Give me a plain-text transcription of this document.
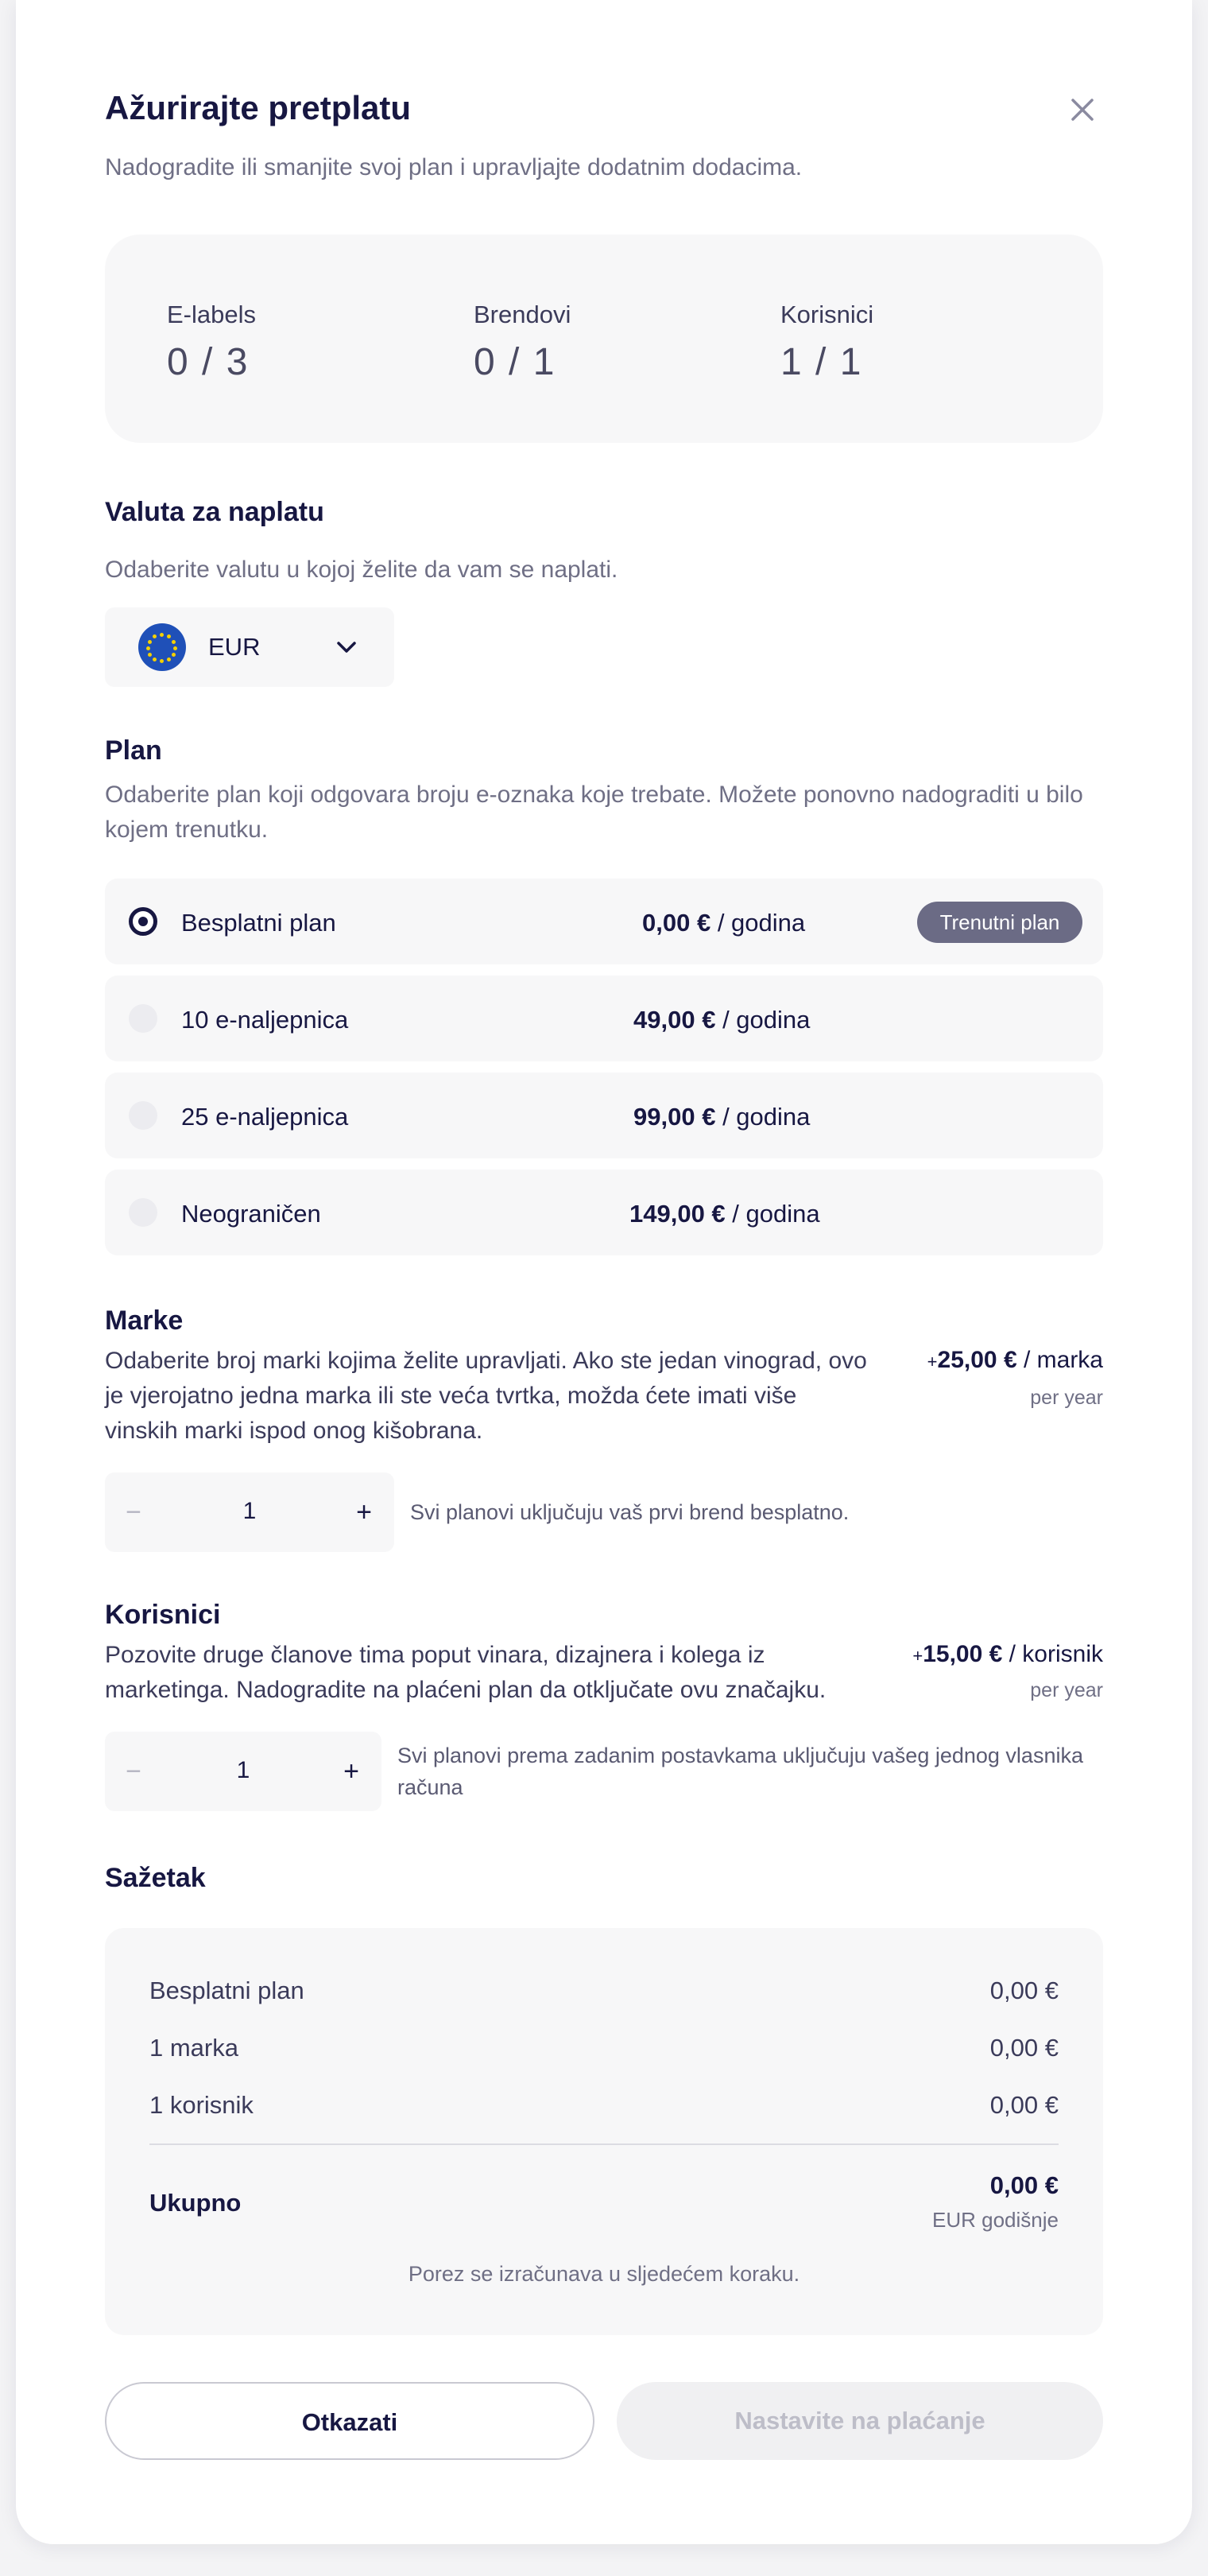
Ažurirajte pretplatu
Nadogradite ili smanjite svoj plan i upravljajte dodatnim dodacima.
E-labels
0 / 3
Brendovi
0 / 1
Korisnici
1 / 1
Valuta za naplatu
Odaberite valutu u kojoj želite da vam se naplati.
EUR
Plan
Odaberite plan koji odgovara broju e-oznaka koje trebate. Možete ponovno nadograditi u bilo kojem trenutku.
Besplatni plan	0,00 € / godina	Trenutni plan
10 e-naljepnica	49,00 € / godina
25 e-naljepnica	99,00 € / godina
Neograničen	149,00 € / godina
Marke
Odaberite broj marki kojima želite upravljati. Ako ste jedan vinograd, ovo je vjerojatno jedna marka ili ste veća tvrtka, možda ćete imati više vinskih marki ispod onog kišobrana.
+25,00 € / marka
per year
−	1	+	Svi planovi uključuju vaš prvi brend besplatno.
Korisnici
Pozovite druge članove tima poput vinara, dizajnera i kolega iz marketinga. Nadogradite na plaćeni plan da otključate ovu značajku.
+15,00 € / korisnik
per year
−	1	+
Svi planovi prema zadanim postavkama uključuju vašeg jednog vlasnika računa
Sažetak
Besplatni plan	0,00 €
1 marka	0,00 €
1 korisnik	0,00 €
Ukupno
0,00 €
EUR godišnje
Porez se izračunava u sljedećem koraku.
Otkazati	Nastavite na plaćanje
